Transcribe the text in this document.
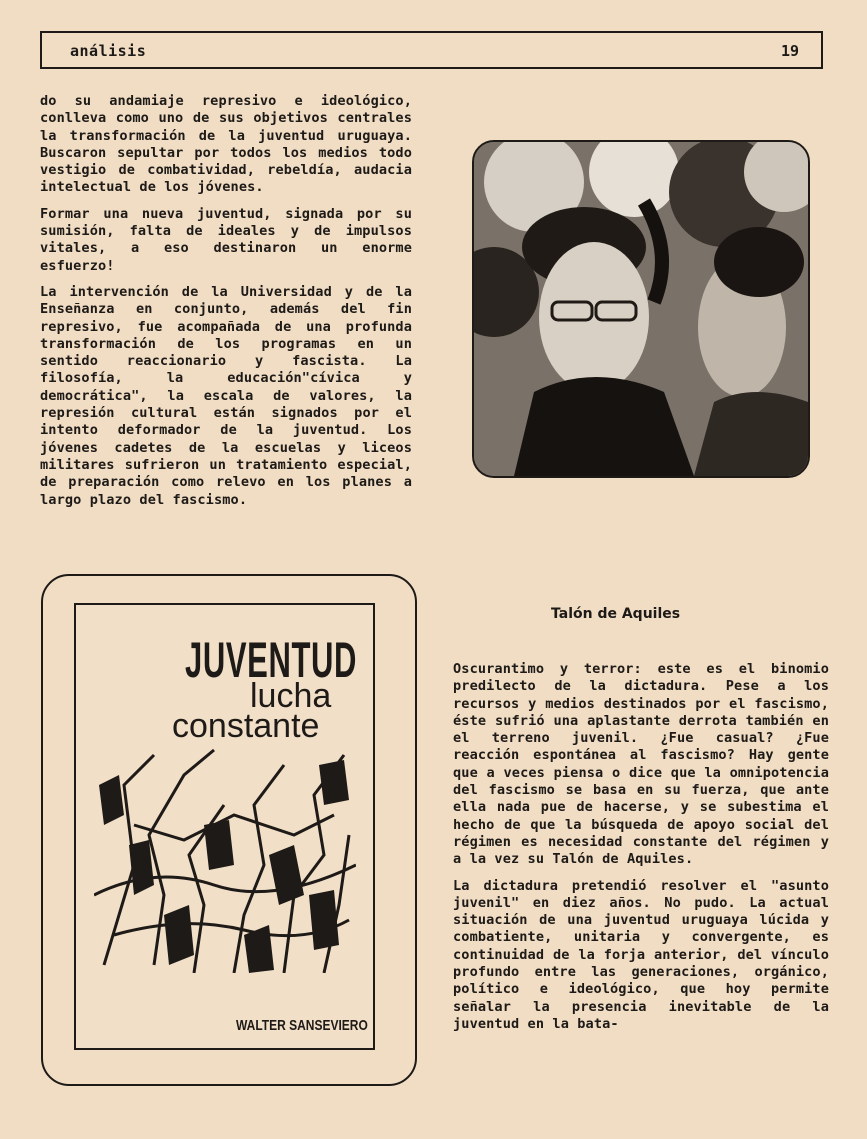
análisis	19

do su andamiaje represivo e ideológico, conlleva como uno de sus objetivos centrales la transformación de la juventud uruguaya. Buscaron sepultar por todos los medios todo vestigio de combatividad, rebeldía, audacia intelectual de los jóvenes.

Formar una nueva juventud, signada por su sumisión, falta de ideales y de impulsos vitales, a eso destinaron un enorme esfuerzo!

La intervención de la Universidad y de la Enseñanza en conjunto, además del fin represivo, fue acompañada de una profunda transformación de los programas en un sentido reaccionario y fascista. La filosofía, la educación"cívica y democrática", la escala de valores, la represión cultural están signados por el intento deformador de la juventud. Los jóvenes cadetes de la escuelas y liceos militares sufrieron un tratamiento especial, de preparación como relevo en los planes a largo plazo del fascismo.

JUVENTUD
lucha
constante
WALTER SANSEVIERO
Talón de Aquiles

Oscurantimo y terror: este es el binomio predilecto de la dictadura. Pese a los recursos y medios destinados por el fascismo, éste sufrió una aplastante derrota también en el terreno juvenil. ¿Fue casual? ¿Fue reacción espontánea al fascismo? Hay gente que a veces piensa o dice que la omnipotencia del fascismo se basa en su fuerza, que ante ella nada pue de hacerse, y se subestima el hecho de que la búsqueda de apoyo social del régimen es necesidad constante del régimen y a la vez su Talón de Aquiles.

La dictadura pretendió resolver el "asunto juvenil" en diez años. No pudo. La actual situación de una juventud uruguaya lúcida y combatiente, unitaria y convergente, es continuidad de la forja anterior, del vínculo profundo entre las generaciones, orgánico, político e ideológico, que hoy permite señalar la presencia inevitable de la juventud en la bata-
